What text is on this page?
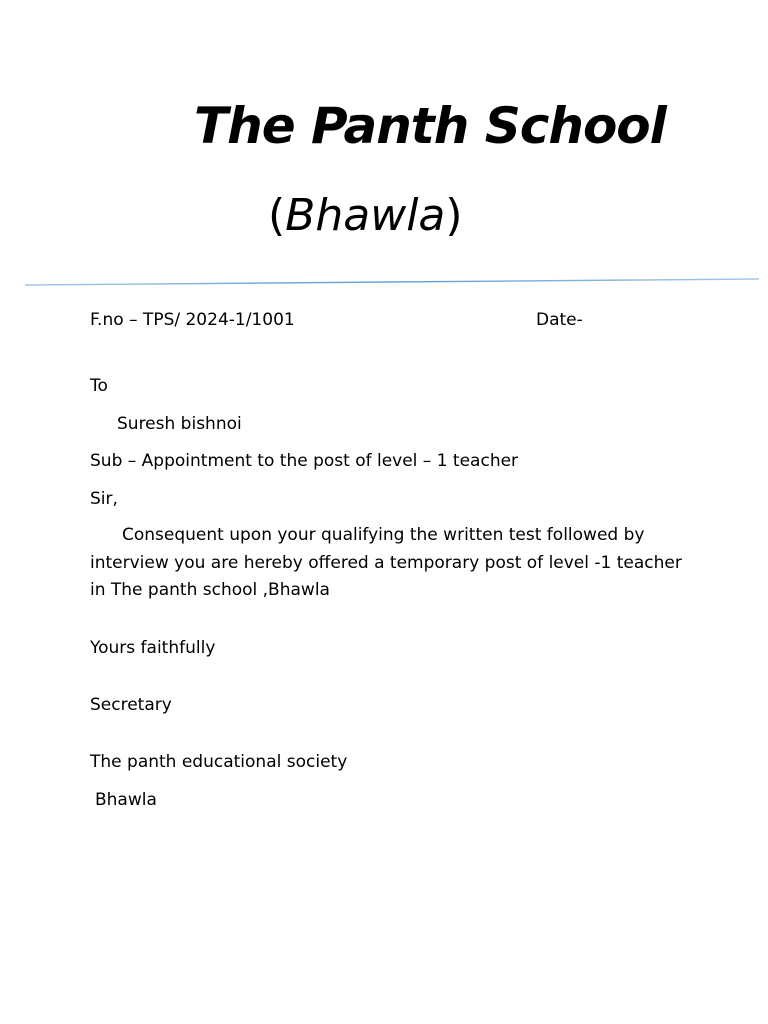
The Panth School
(Bhawla)
F.no – TPS/ 2024-1/1001	Date-
To
Suresh bishnoi
Sub – Appointment to the post of level – 1 teacher
Sir,
Consequent upon your qualifying the written test followed by interview you are hereby offered a temporary post of level -1 teacher in The panth school ,Bhawla
Yours faithfully
Secretary
The panth educational society
Bhawla
